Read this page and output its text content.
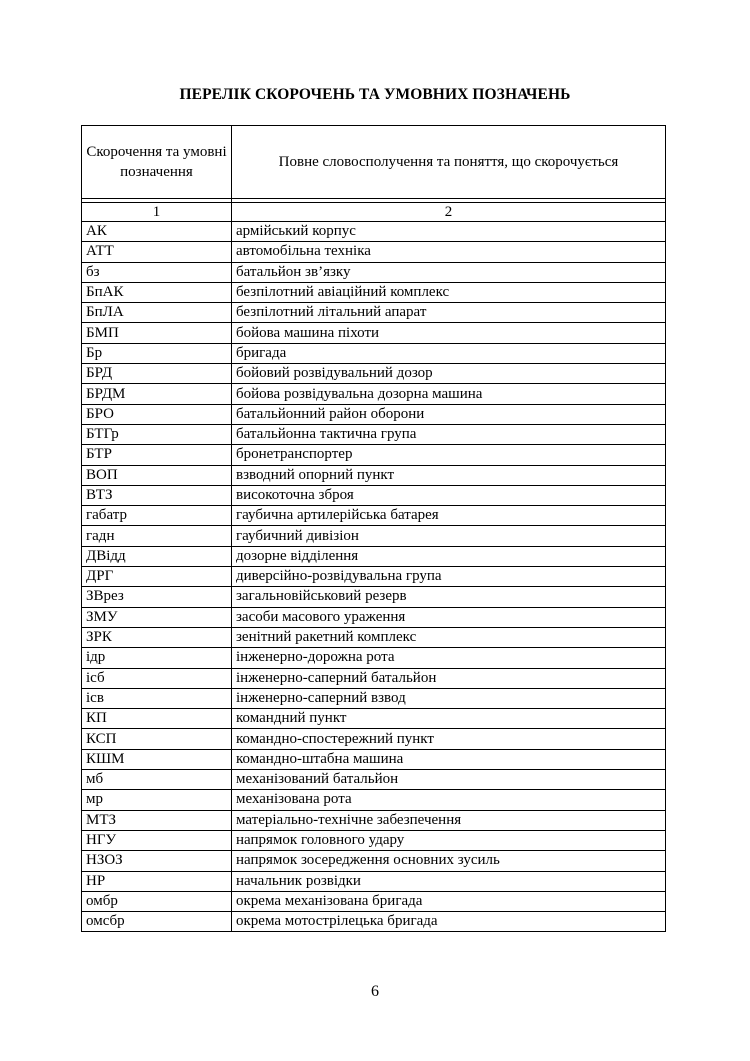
ПЕРЕЛІК СКОРОЧЕНЬ ТА УМОВНИХ ПОЗНАЧЕНЬ
Скорочення та умовні позначення	Повне словосполучення та поняття, що скорочується

1	2
АК	армійський корпус
АТТ	автомобільна техніка
бз	батальйон зв’язку
БпАК	безпілотний авіаційний комплекс
БпЛА	безпілотний літальний апарат
БМП	бойова машина піхоти
Бр	бригада
БРД	бойовий розвідувальний дозор
БРДМ	бойова розвідувальна дозорна машина
БРО	батальйонний район оборони
БТГр	батальйонна тактична група
БТР	бронетранспортер
ВОП	взводний опорний пункт
ВТЗ	високоточна зброя
габатр	гаубична артилерійська батарея
гадн	гаубичний дивізіон
ДВідд	дозорне відділення
ДРГ	диверсійно-розвідувальна група
ЗВрез	загальновійськовий резерв
ЗМУ	засоби масового ураження
ЗРК	зенітний ракетний комплекс
ідр	інженерно-дорожна рота
ісб	інженерно-саперний батальйон
ісв	інженерно-саперний взвод
КП	командний пункт
КСП	командно-спостережний пункт
КШМ	командно-штабна машина
мб	механізований батальйон
мр	механізована рота
МТЗ	матеріально-технічне забезпечення
НГУ	напрямок головного удару
НЗОЗ	напрямок зосередження основних зусиль
НР	начальник розвідки
омбр	окрема механізована бригада
омсбр	окрема мотострілецька бригада
6
